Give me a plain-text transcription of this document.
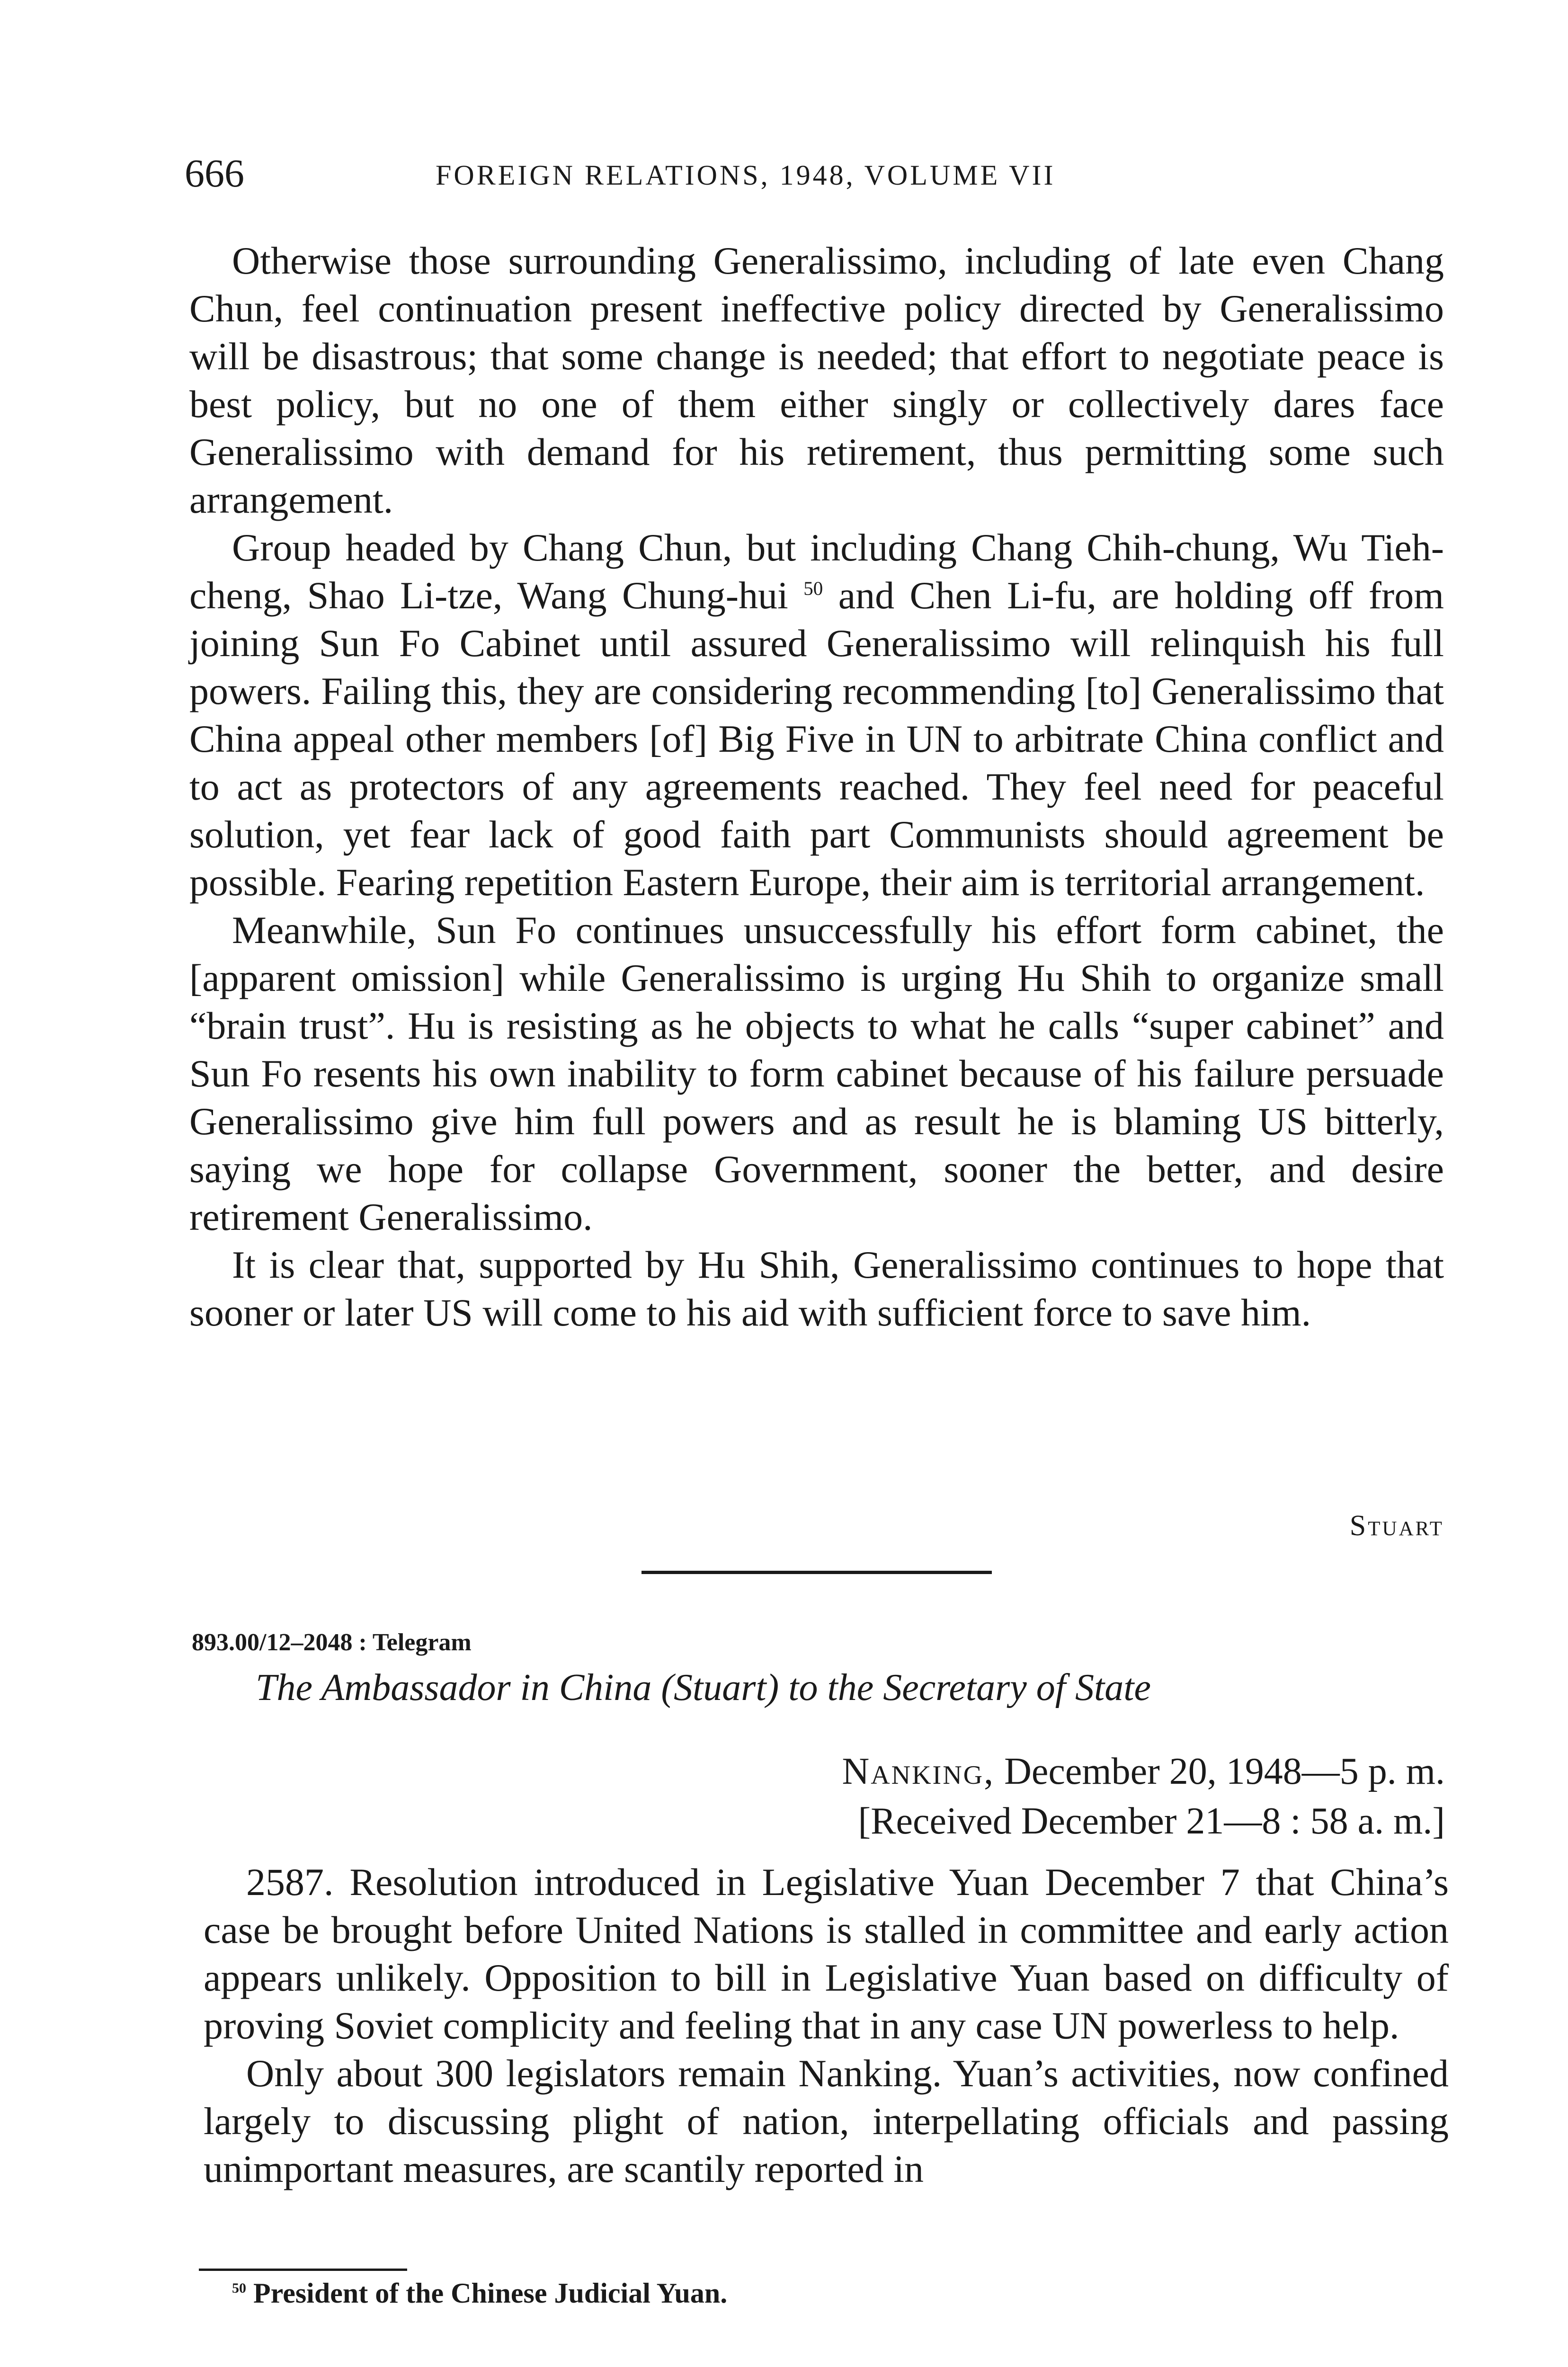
666	FOREIGN RELATIONS, 1948, VOLUME VII

Otherwise those surrounding Generalissimo, including of late even Chang Chun, feel continuation present ineffective policy directed by Generalissimo will be disastrous; that some change is needed; that effort to negotiate peace is best policy, but no one of them either singly or collectively dares face Generalissimo with demand for his retirement, thus permitting some such arrangement.

Group headed by Chang Chun, but including Chang Chih-chung, Wu Tieh-cheng, Shao Li-tze, Wang Chung-hui $^{50}$ and Chen Li-fu, are holding off from joining Sun Fo Cabinet until assured Generalissimo will relinquish his full powers. Failing this, they are considering recommending [to] Generalissimo that China appeal other members [of] Big Five in UN to arbitrate China conflict and to act as protectors of any agreements reached. They feel need for peaceful solution, yet fear lack of good faith part Communists should agreement be possible. Fearing repetition Eastern Europe, their aim is territorial arrangement.

Meanwhile, Sun Fo continues unsuccessfully his effort form cabinet, the [apparent omission] while Generalissimo is urging Hu Shih to organize small “brain trust”. Hu is resisting as he objects to what he calls “super cabinet” and Sun Fo resents his own inability to form cabinet because of his failure persuade Generalissimo give him full powers and as result he is blaming US bitterly, saying we hope for collapse Government, sooner the better, and desire retirement Generalissimo.

It is clear that, supported by Hu Shih, Generalissimo continues to hope that sooner or later US will come to his aid with sufficient force to save him.

Stuart
893.00/12–2048 : Telegram
The Ambassador in China (Stuart) to the Secretary of State
Nanking, December 20, 1948—5 p. m.
[Received December 21—8 : 58 a. m.]

2587. Resolution introduced in Legislative Yuan December 7 that China’s case be brought before United Nations is stalled in committee and early action appears unlikely. Opposition to bill in Legislative Yuan based on difficulty of proving Soviet complicity and feeling that in any case UN powerless to help.

Only about 300 legislators remain Nanking. Yuan’s activities, now confined largely to discussing plight of nation, interpellating officials and passing unimportant measures, are scantily reported in

$^{50}$ President of the Chinese Judicial Yuan.
